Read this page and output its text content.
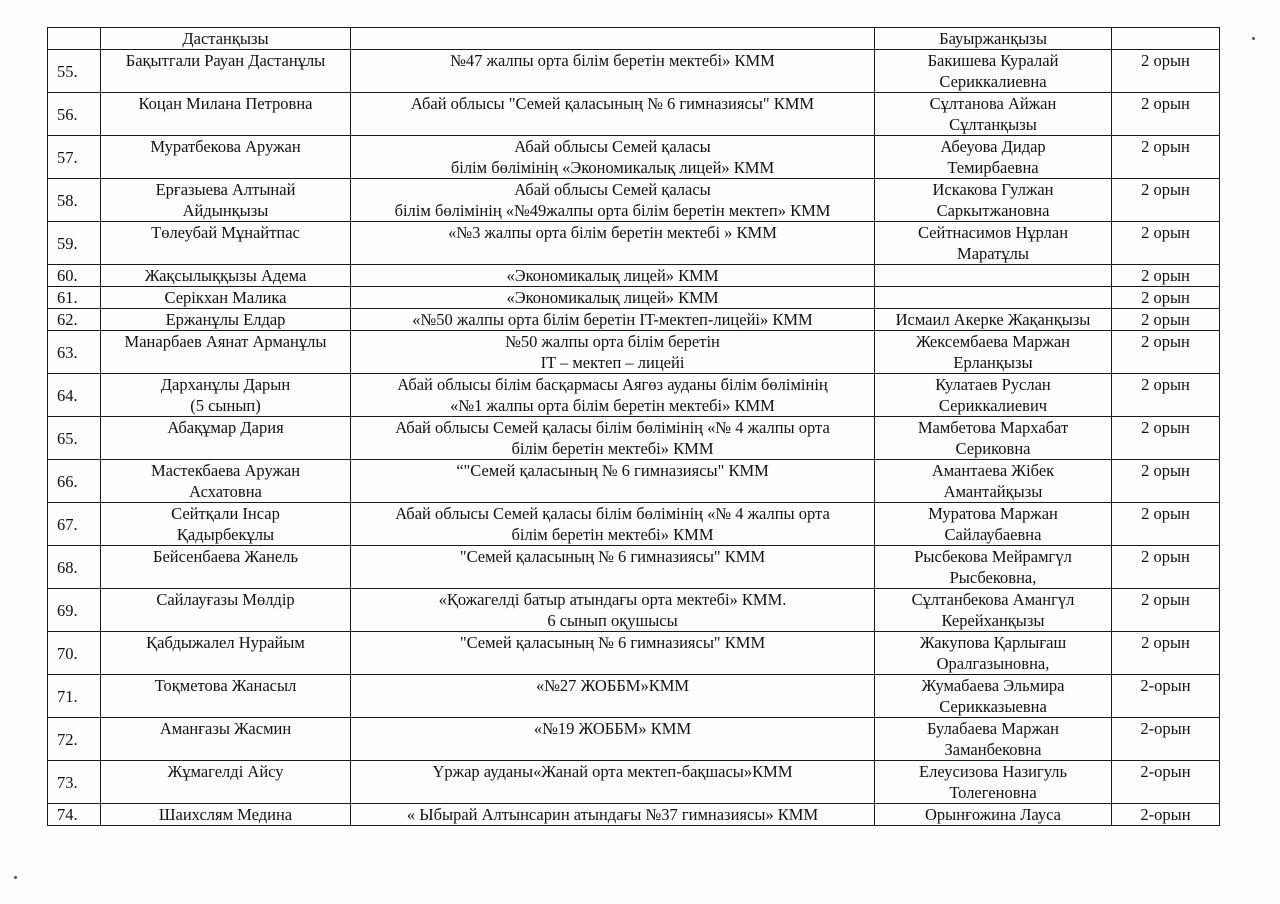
	Дастанқызы		Бауыржанқызы	
55.	Бақытгали Рауан Дастанұлы	№47 жалпы орта білім беретін мектебі» КММ	Бакишева Куралай
Сериккалиевна	2 орын
56.	Коцан Милана Петровна	Абай облысы "Семей қаласының № 6 гимназиясы" КММ	Сұлтанова Айжан
Сұлтанқызы	2 орын
57.	Муратбекова Аружан	Абай облысы Семей қаласы
білім бөлімінің «Экономикалық лицей» КММ	Абеуова Дидар
Темирбаевна	2 орын
58.	Ерғазыева Алтынай
Айдынқызы	Абай облысы Семей қаласы
білім бөлімінің «№49жалпы орта білім беретін мектеп» КММ	Искакова Гулжан
Саркытжановна	2 орын
59.	Төлеубай Мұнайтпас	«№3 жалпы орта білім беретін мектебі » КММ	Сейтнасимов Нұрлан
Маратұлы	2 орын
60.	Жақсылыққызы Адема	«Экономикалық лицей» КММ		2 орын
61.	Серікхан Малика	«Экономикалық лицей» КММ		2 орын
62.	Ержанұлы Елдар	«№50 жалпы орта білім беретін IT-мектеп-лицейі» КММ	Исмаил Акерке Жақанқызы	2 орын
63.	Манарбаев Аянат Арманұлы	№50 жалпы орта білім беретін
IT – мектеп – лицейі	Жексембаева Маржан
Ерланқызы	2 орын
64.	Дарханұлы Дарын
(5 сынып)	Абай облысы білім басқармасы Аягөз ауданы білім бөлімінің
«№1 жалпы орта білім беретін мектебі» КММ	Кулатаев Руслан
Сериккалиевич	2 орын
65.	Абақұмар Дария	Абай облысы Семей қаласы білім бөлімінің «№ 4 жалпы орта
білім беретін мектебі» КММ	Мамбетова Мархабат
Сериковна	2 орын
66.	Мастекбаева Аружан
Асхатовна	“"Семей қаласының № 6 гимназиясы" КММ	Амантаева Жібек
Амантайқызы	2 орын
67.	Сейтқали Інсар
Қадырбекұлы	Абай облысы Семей қаласы білім бөлімінің «№ 4 жалпы орта
білім беретін мектебі» КММ	Муратова Маржан
Сайлаубаевна	2 орын
68.	Бейсенбаева Жанель	"Семей қаласының № 6 гимназиясы" КММ	Рысбекова Мейрамгүл
Рысбековна,	2 орын
69.	Сайлауғазы Мөлдір	«Қожагелді батыр атындағы орта мектебі» КММ.
6 сынып оқушысы	Сұлтанбекова Амангүл
Керейханқызы	2 орын
70.	Қабдыжалел Нурайым	"Семей қаласының № 6 гимназиясы" КММ	Жакупова Қарлығаш
Оралгазыновна,	2 орын
71.	Тоқметова Жанасыл	«№27 ЖОББМ»КММ	Жумабаева Эльмира
Серикказыевна	2-орын
72.	Аманғазы Жасмин	«№19 ЖОББМ» КММ	Булабаева Маржан
Заманбековна	2-орын
73.	Жұмагелді Айсу	Үржар ауданы«Жанай орта мектеп-бақшасы»КММ	Елеусизова Назигуль
Толегеновна	2-орын
74.	Шаихслям Медина	« Ыбырай Алтынсарин атындағы №37 гимназиясы» КММ	Орынғожина Лауса	2-орын
